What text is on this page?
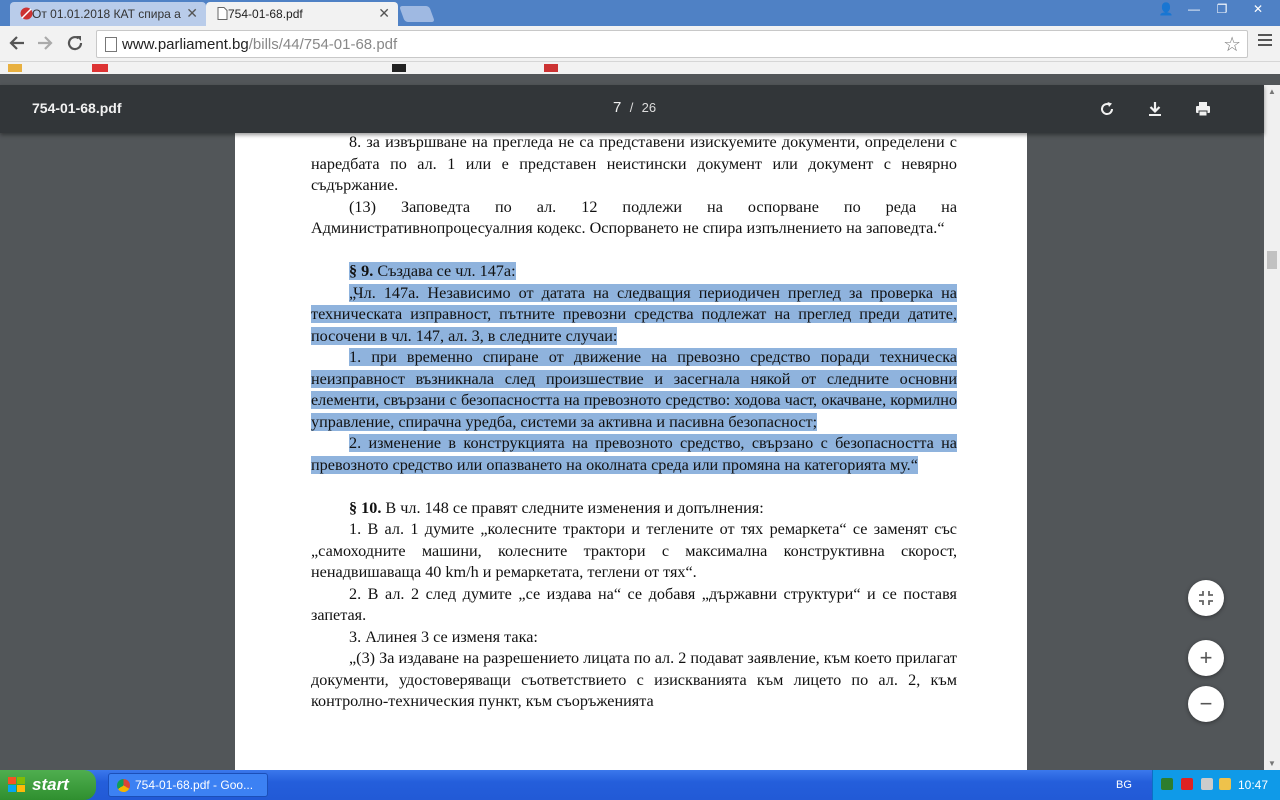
От 01.01.2018 КАТ спира а ✕	754-01-68.pdf	✕	👤	—	❐	✕
www.parliament.bg/bills/44/754-01-68.pdf	☆
754-01-68.pdf	7 / 26

8. за извършване на прегледа не са представени изискуемите документи, определени с наредбата по ал. 1 или е представен неистински документ или документ с невярно съдържание.

(13) Заповедта по ал. 12 подлежи на оспорване по реда на Административнопроцесуалния кодекс. Оспорването не спира изпълнението на заповедта.“

§ 9. Създава се чл. 147а:

„Чл. 147а. Независимо от датата на следващия периодичен преглед за проверка на техническата изправност, пътните превозни средства подлежат на преглед преди датите, посочени в чл. 147, ал. 3, в следните случаи:

1. при временно спиране от движение на превозно средство поради техническа неизправност възникнала след произшествие и засегнала някой от следните основни елементи, свързани с безопасността на превозното средство: ходова част, окачване, кормилно управление, спирачна уредба, системи за активна и пасивна безопасност;

2. изменение в конструкцията на превозното средство, свързано с безопасността на превозното средство или опазването на околната среда или промяна на категорията му.“

§ 10. В чл. 148 се правят следните изменения и допълнения:

1. В ал. 1 думите „колесните трактори и теглените от тях ремаркета“ се заменят със „самоходните машини, колесните трактори с максимална конструктивна скорост, ненадвишаваща 40 km/h и ремаркетата, теглени от тях“.

2. В ал. 2 след думите „се издава на“ се добавя „държавни структури“ и се поставя запетая.

3. Алинея 3 се изменя така:

„(3) За издаване на разрешението лицата по ал. 2 подават заявление, към което прилагат документи, удостоверяващи съответствието с изискванията към лицето по ал. 2, към контролно-техническия пункт, към съоръженията

+
−
▲
▼
start	754-01-68.pdf - Goo...	BG	10:47
